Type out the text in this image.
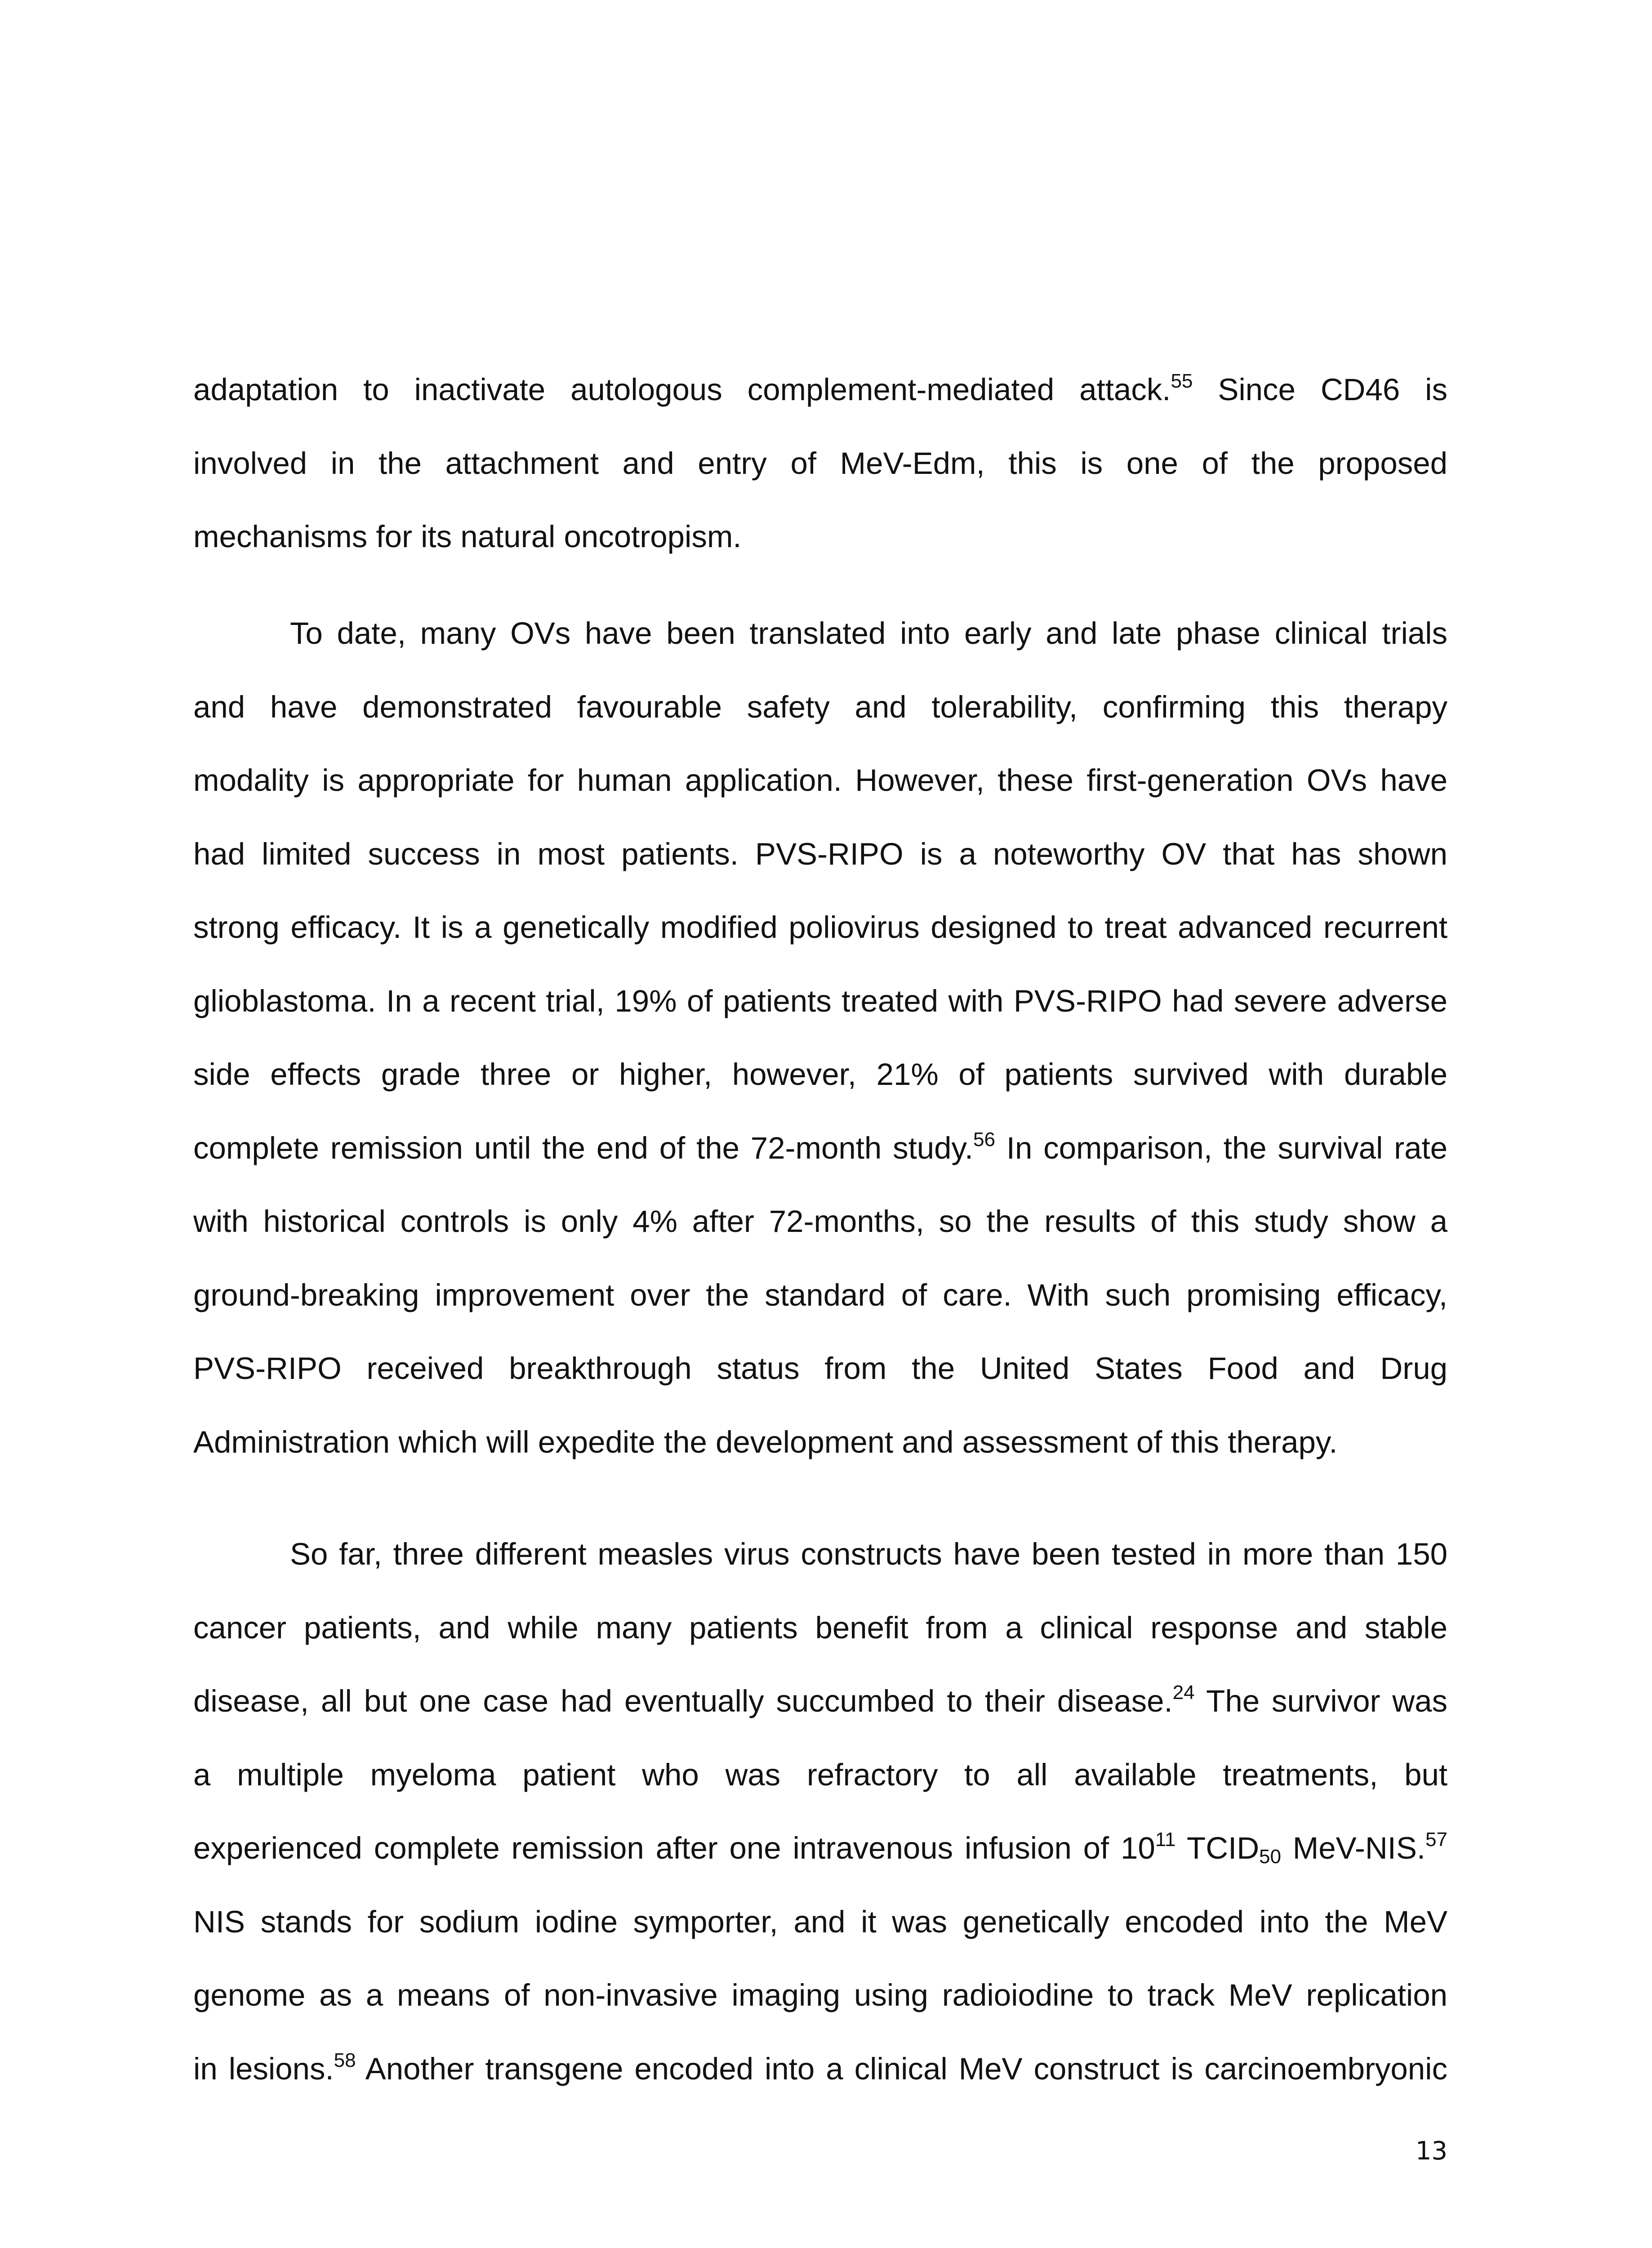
adaptation to inactivate autologous complement-mediated attack.$^{55}$ Since CD46 is
involved in the attachment and entry of MeV-Edm, this is one of the proposed
mechanisms for its natural oncotropism.
To date, many OVs have been translated into early and late phase clinical trials
and have demonstrated favourable safety and tolerability, confirming this therapy
modality is appropriate for human application. However, these first-generation OVs have
had limited success in most patients. PVS-RIPO is a noteworthy OV that has shown
strong efficacy. It is a genetically modified poliovirus designed to treat advanced recurrent
glioblastoma. In a recent trial, 19% of patients treated with PVS-RIPO had severe adverse
side effects grade three or higher, however, 21% of patients survived with durable
complete remission until the end of the 72-month study.$^{56}$ In comparison, the survival rate
with historical controls is only 4% after 72-months, so the results of this study show a
ground-breaking improvement over the standard of care. With such promising efficacy,
PVS-RIPO received breakthrough status from the United States Food and Drug
Administration which will expedite the development and assessment of this therapy.
So far, three different measles virus constructs have been tested in more than 150
cancer patients, and while many patients benefit from a clinical response and stable
disease, all but one case had eventually succumbed to their disease.$^{24}$ The survivor was
a multiple myeloma patient who was refractory to all available treatments, but
experienced complete remission after one intravenous infusion of $10^{11}$ $TCID_{50}$ MeV-NIS.$^{57}$
NIS stands for sodium iodine symporter, and it was genetically encoded into the MeV
genome as a means of non-invasive imaging using radioiodine to track MeV replication
in lesions.$^{58}$ Another transgene encoded into a clinical MeV construct is carcinoembryonic
13
